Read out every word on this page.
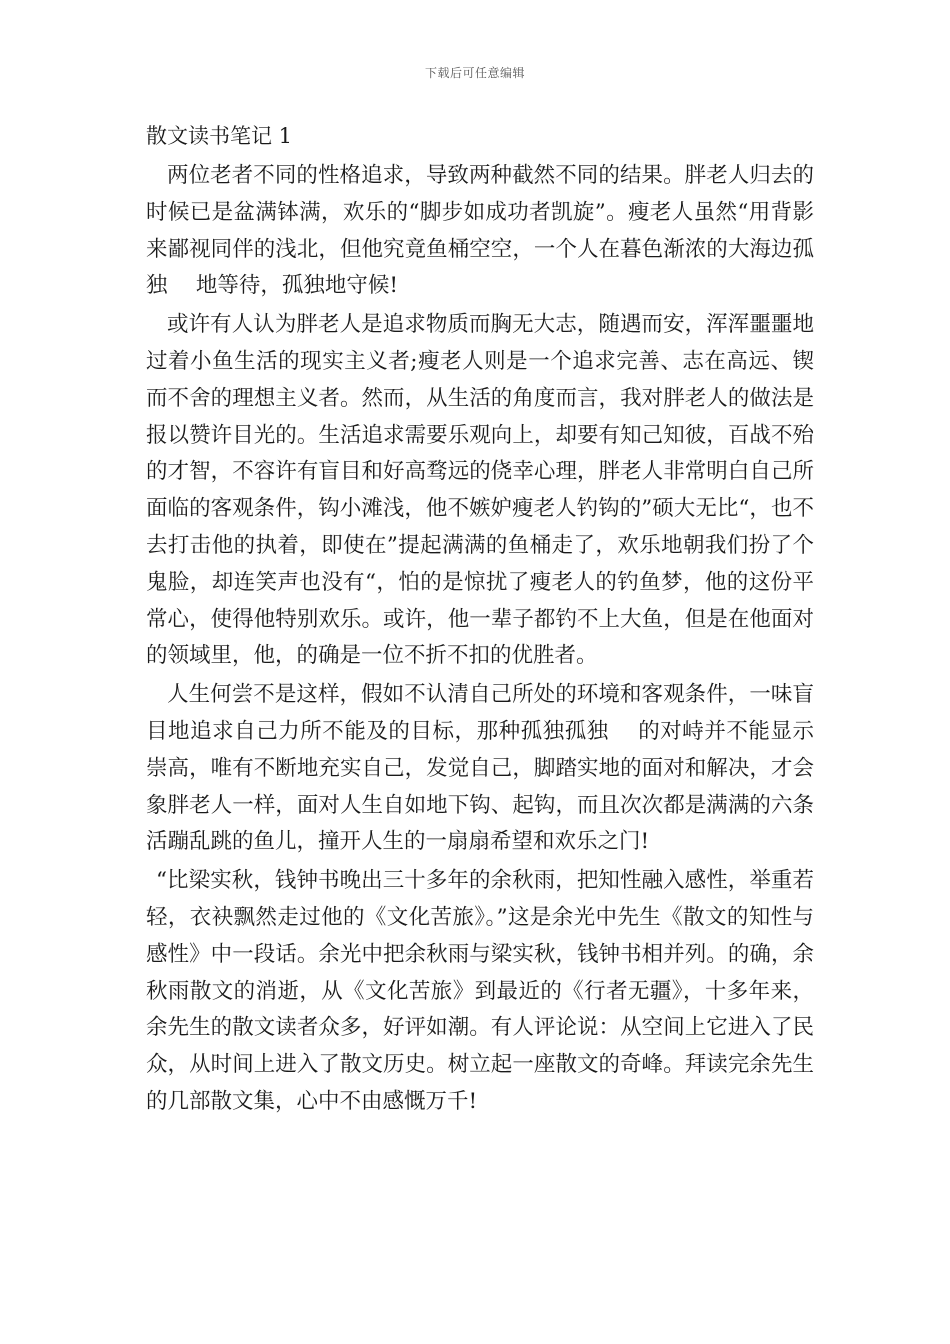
下载后可任意编辑
散文读书笔记 1

两位老者不同的性格追求，导致两种截然不同的结果。胖老人归去的时候已是盆满钵满，欢乐的“脚步如成功者凯旋”。瘦老人虽然“用背影来鄙视同伴的浅北，但他究竟鱼桶空空，一个人在暮色渐浓的大海边孤独　 地等待，孤独地守候!

或许有人认为胖老人是追求物质而胸无大志，随遇而安，浑浑噩噩地过着小鱼生活的现实主义者;瘦老人则是一个追求完善、志在高远、锲而不舍的理想主义者。然而，从生活的角度而言，我对胖老人的做法是报以赞许目光的。生活追求需要乐观向上，却要有知己知彼，百战不殆的才智，不容许有盲目和好高骛远的侥幸心理，胖老人非常明白自己所面临的客观条件，钩小滩浅，他不嫉妒瘦老人钓钩的”硕大无比“，也不去打击他的执着，即使在”提起满满的鱼桶走了，欢乐地朝我们扮了个鬼脸，却连笑声也没有“，怕的是惊扰了瘦老人的钓鱼梦，他的这份平常心，使得他特别欢乐。或许，他一辈子都钓不上大鱼，但是在他面对的领域里，他，的确是一位不折不扣的优胜者。

人生何尝不是这样，假如不认清自己所处的环境和客观条件，一味盲目地追求自己力所不能及的目标，那种孤独孤独　 的对峙并不能显示崇高，唯有不断地充实自己，发觉自己，脚踏实地的面对和解决，才会象胖老人一样，面对人生自如地下钩、起钩，而且次次都是满满的六条活蹦乱跳的鱼儿，撞开人生的一扇扇希望和欢乐之门!

“比梁实秋，钱钟书晚出三十多年的余秋雨，把知性融入感性，举重若轻，衣袂飘然走过他的《文化苦旅》。”这是余光中先生《散文的知性与感性》中一段话。余光中把余秋雨与梁实秋，钱钟书相并列。的确，余秋雨散文的消逝，从《文化苦旅》到最近的《行者无疆》，十多年来，余先生的散文读者众多，好评如潮。有人评论说：从空间上它进入了民众，从时间上进入了散文历史。树立起一座散文的奇峰。拜读完余先生的几部散文集，心中不由感慨万千!
